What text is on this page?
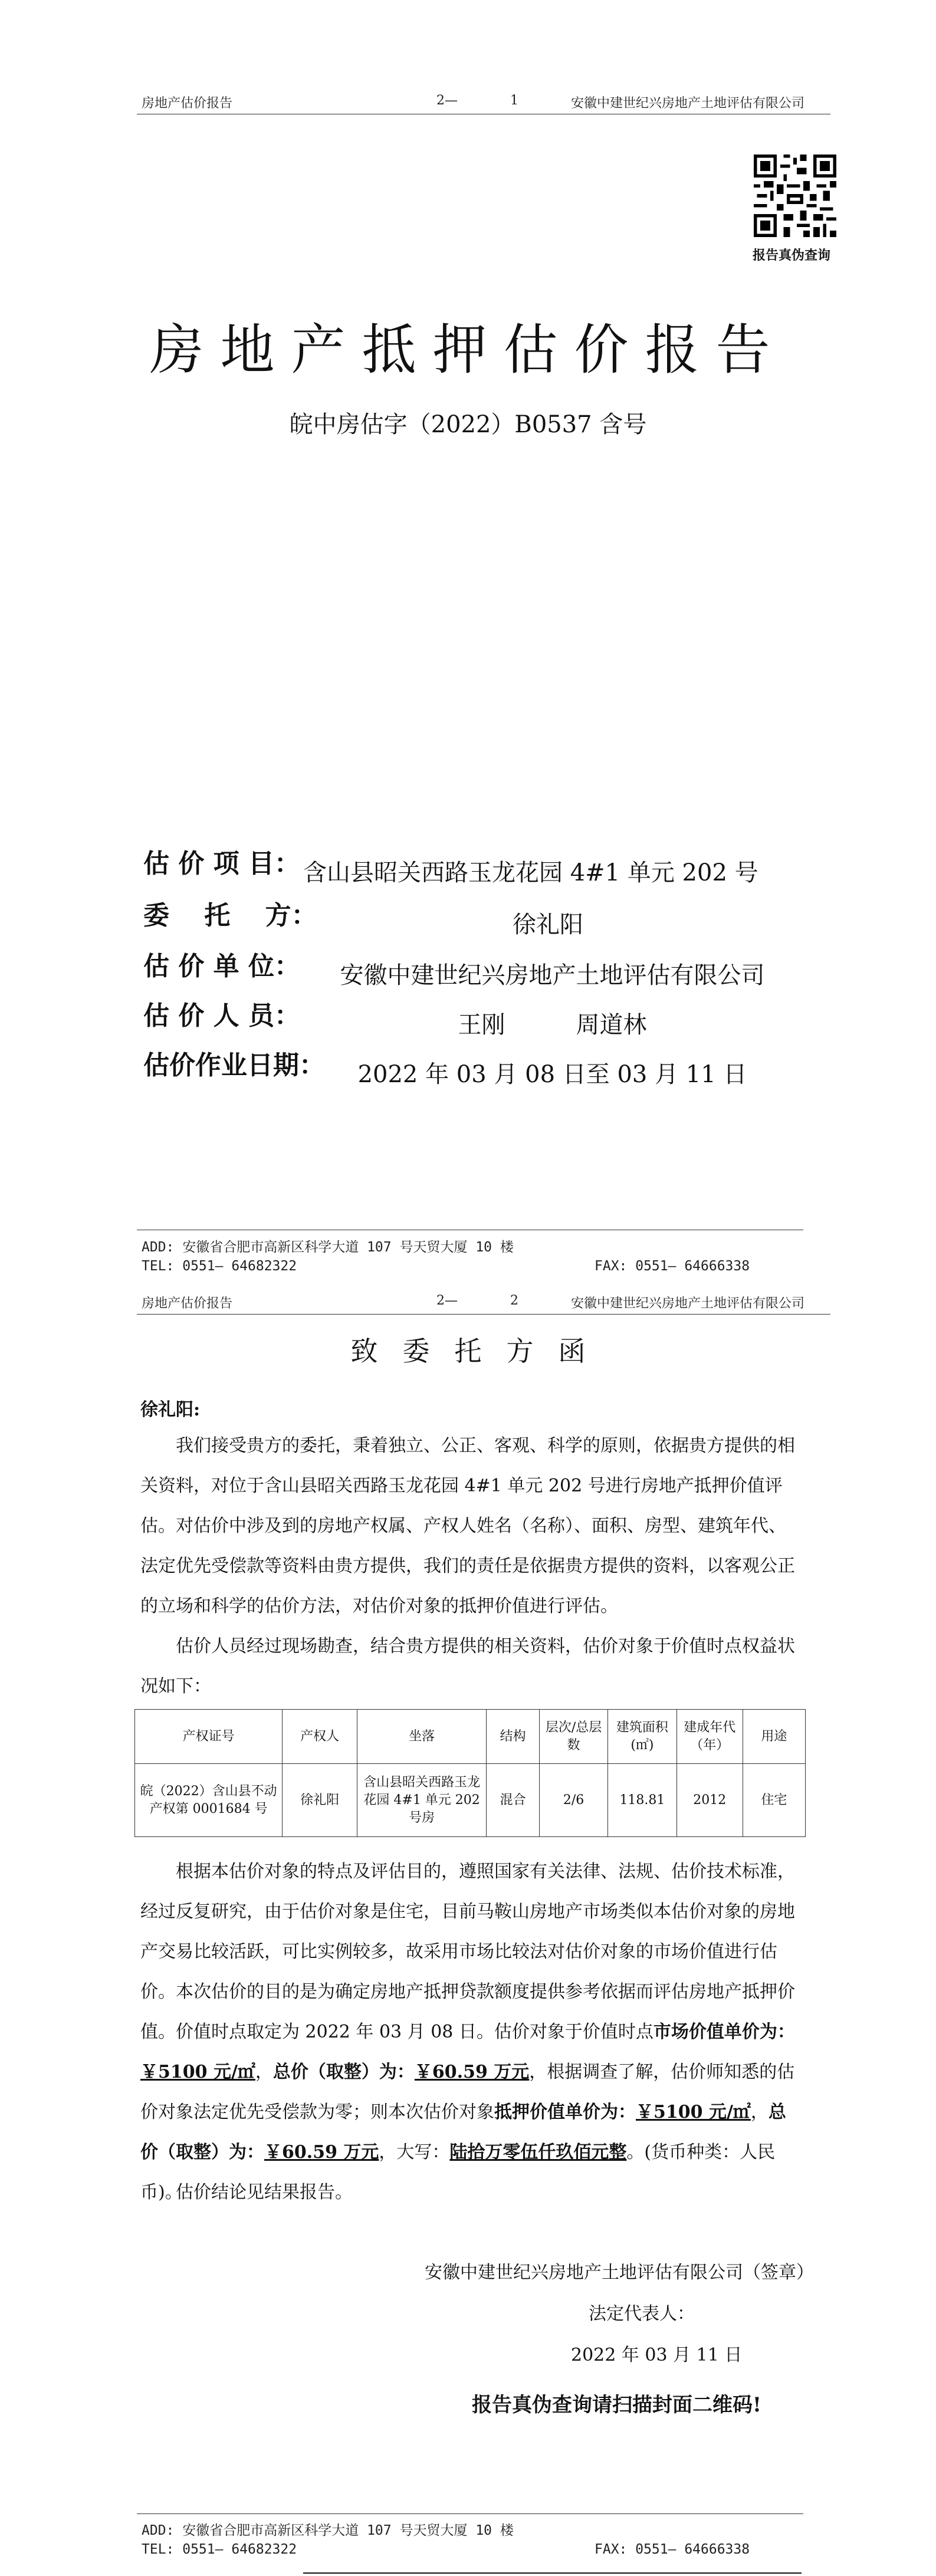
房地产估价报告	2—	1	安徽中建世纪兴房地产土地评估有限公司
报告真伪查询
房地产抵押估价报告
皖中房估字（2022）B0537 含号
估 价 项 目： 含山县昭关西路玉龙花园 4#1 单元 202 号
委　 托　 方：	徐礼阳
估 价 单 位：	安徽中建世纪兴房地产土地评估有限公司
估 价 人 员：	王刚　　　周道林
估价作业日期：	2022 年 03 月 08 日至 03 月 11 日
ADD: 安徽省合肥市高新区科学大道 107 号天贸大厦 10 楼
TEL: 0551— 64682322	FAX: 0551— 64666338
房地产估价报告	2—	2	安徽中建世纪兴房地产土地评估有限公司
致委托方函
徐礼阳:
我们接受贵方的委托，秉着独立、公正、客观、科学的原则，依据贵方提供的相关资料，对位于含山县昭关西路玉龙花园 4#1 单元 202 号进行房地产抵押价值评估。对估价中涉及到的房地产权属、产权人姓名（名称）、面积、房型、建筑年代、法定优先受偿款等资料由贵方提供，我们的责任是依据贵方提供的资料，以客观公正的立场和科学的估价方法，对估价对象的抵押价值进行评估。
估价人员经过现场勘查，结合贵方提供的相关资料，估价对象于价值时点权益状况如下：
产权证号	产权人	坐落	结构	层次/总层数	建筑面积(㎡)	建成年代（年）	用途
皖（2022）含山县不动产权第 0001684 号	徐礼阳	含山县昭关西路玉龙花园 4#1 单元 202 号房	混合	2/6	118.81	2012	住宅
根据本估价对象的特点及评估目的，遵照国家有关法律、法规、估价技术标准，经过反复研究，由于估价对象是住宅，目前马鞍山房地产市场类似本估价对象的房地产交易比较活跃，可比实例较多，故采用市场比较法对估价对象的市场价值进行估价。 本次估价的目的是为确定房地产抵押贷款额度提供参考依据而评估房地产抵押价值。价值时点取定为 2022 年 03 月 08 日。估价对象于价值时点市场价值单价为：￥5100 元/㎡，总价（取整）为：￥60.59 万元，根据调查了解，估价师知悉的估价对象法定优先受偿款为零；则本次估价对象抵押价值单价为：￥5100 元/㎡，总价（取整）为：￥60.59 万元，大写：陆拾万零伍仟玖佰元整。(货币种类：人民币)。
估价结论见结果报告。
安徽中建世纪兴房地产土地评估有限公司（签章）
法定代表人：
2022 年 03 月 11 日
报告真伪查询请扫描封面二维码!
ADD: 安徽省合肥市高新区科学大道 107 号天贸大厦 10 楼
TEL: 0551— 64682322	FAX: 0551— 64666338
